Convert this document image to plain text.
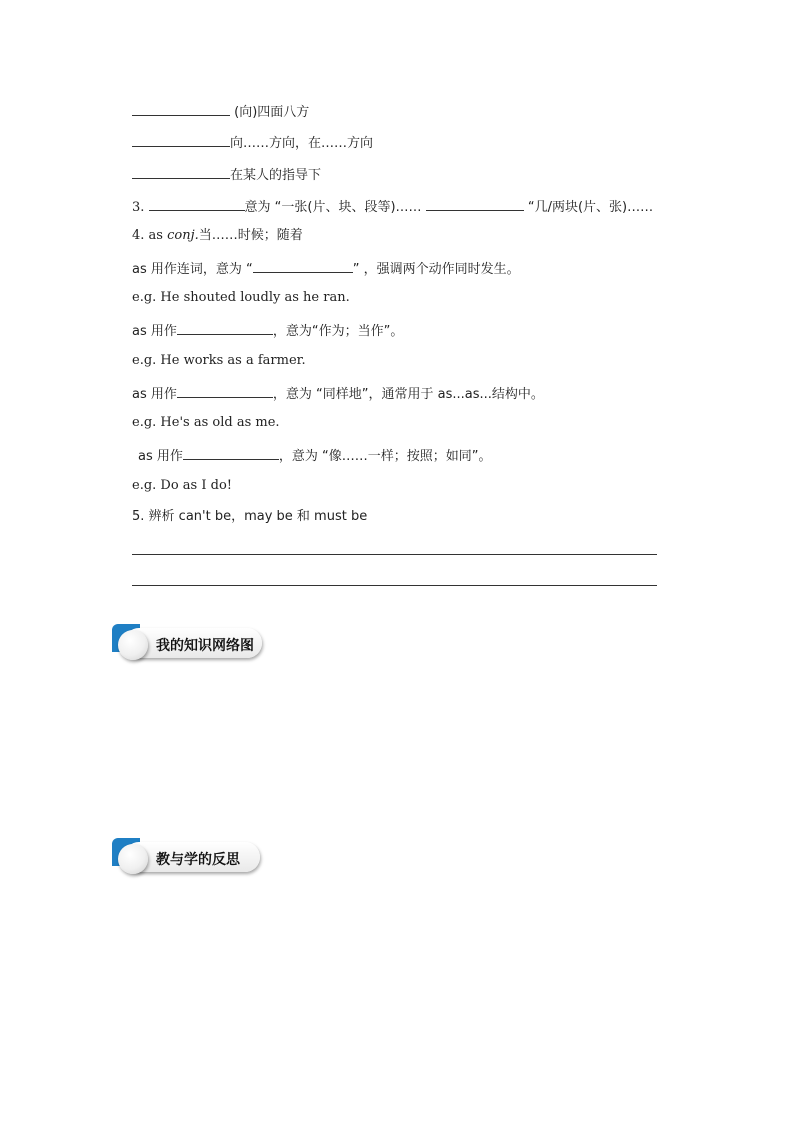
(向)四面八方
向……方向，在……方向
在某人的指导下
3.	意为 “一张(片、块、段等)……	“几/两块(片、张)……
4. as conj.当……时候；随着
as 用作连词，意为 “	” ，强调两个动作同时发生。
e.g. He shouted loudly as he ran.
as 用作	，意为“作为；当作”。
e.g. He works as a farmer.
as 用作	，意为 “同样地”，通常用于 as...as...结构中。
e.g. He's as old as me.
as 用作	，意为 “像……一样；按照；如同”。
e.g. Do as I do!
5. 辨析 can't be，may be 和 must be
我的知识网络图
教与学的反思
